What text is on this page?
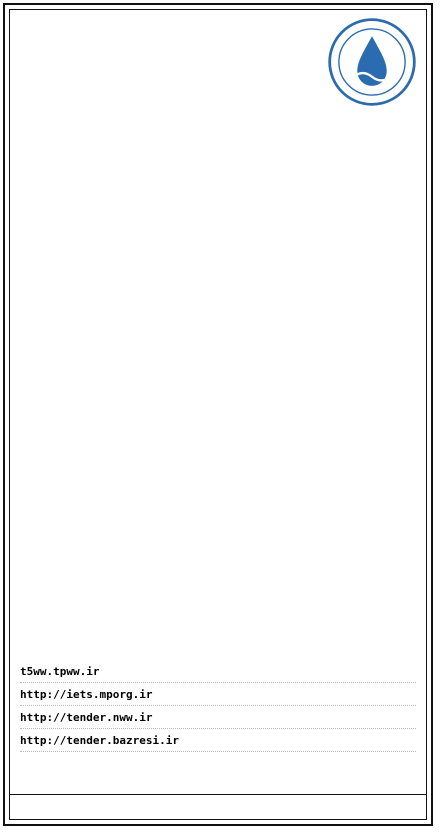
t5ww.tpww.ir
http://iets.mporg.ir
http://tender.nww.ir
http://tender.bazresi.ir
